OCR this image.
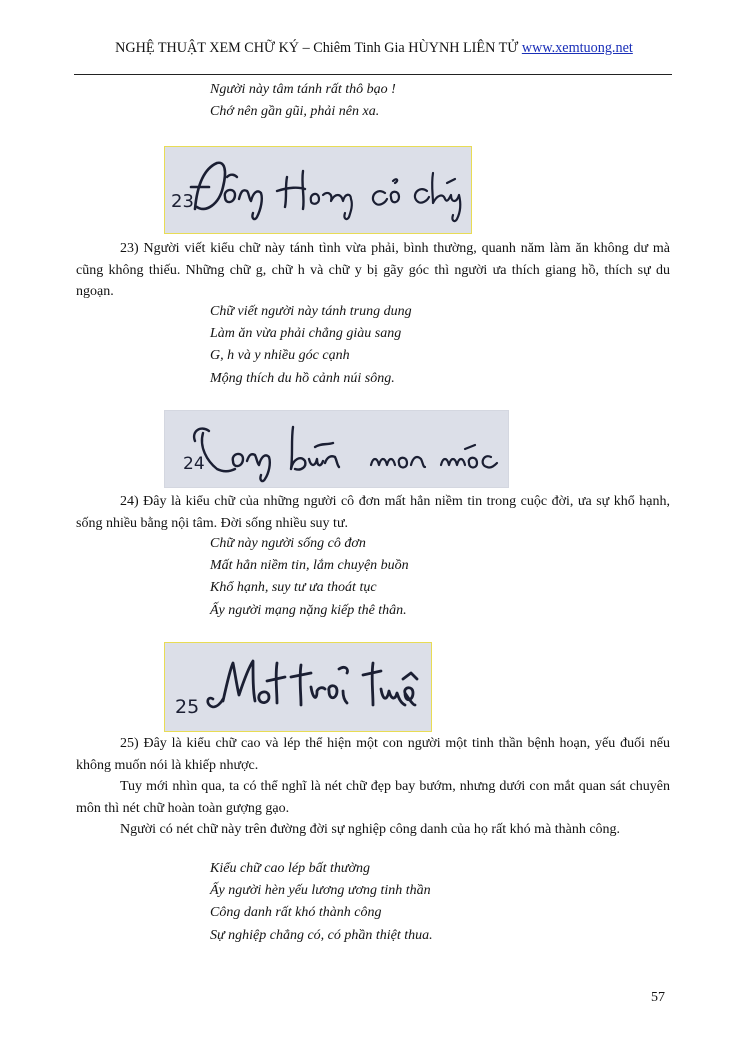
NGHỆ THUẬT XEM CHỮ KÝ – Chiêm Tinh Gia HÙYNH LIÊN TỬ www.xemtuong.net
Người này tâm tánh rất thô bạo !
Chớ nên gần gũi, phải nên xa.
23

23) Người viết kiểu chữ này tánh tình vừa phải, bình thường, quanh năm làm ăn không dư mà cũng không thiếu. Những chữ g, chữ h và chữ y bị gãy góc thì người ưa thích giang hồ, thích sự du ngoạn.

Chữ viết người này tánh trung dung
Làm ăn vừa phải chẳng giàu sang
G, h và y nhiều góc cạnh
Mộng thích du hồ cảnh núi sông.
24

24) Đây là kiểu chữ của những người cô đơn mất hẳn niềm tin trong cuộc đời, ưa sự khổ hạnh, sống nhiều bằng nội tâm. Đời sống nhiều suy tư.

Chữ này người sống cô đơn
Mất hẳn niềm tin, lắm chuyện buồn
Khổ hạnh, suy tư ưa thoát tục
Ấy người mạng nặng kiếp thê thân.
25

25) Đây là kiểu chữ cao và lép thể hiện một con người một tinh thần bệnh hoạn, yếu đuối nếu không muốn nói là khiếp nhược.

Tuy mới nhìn qua, ta có thể nghĩ là nét chữ đẹp bay bướm, nhưng dưới con mắt quan sát chuyên môn thì nét chữ hoàn toàn gượng gạo.

Người có nét chữ này trên đường đời sự nghiệp công danh của họ rất khó mà thành công.

Kiểu chữ cao lép bất thường
Ấy người hèn yếu lương ương tinh thần
Công danh rất khó thành công
Sự nghiệp chẳng có, có phần thiệt thua.
57
